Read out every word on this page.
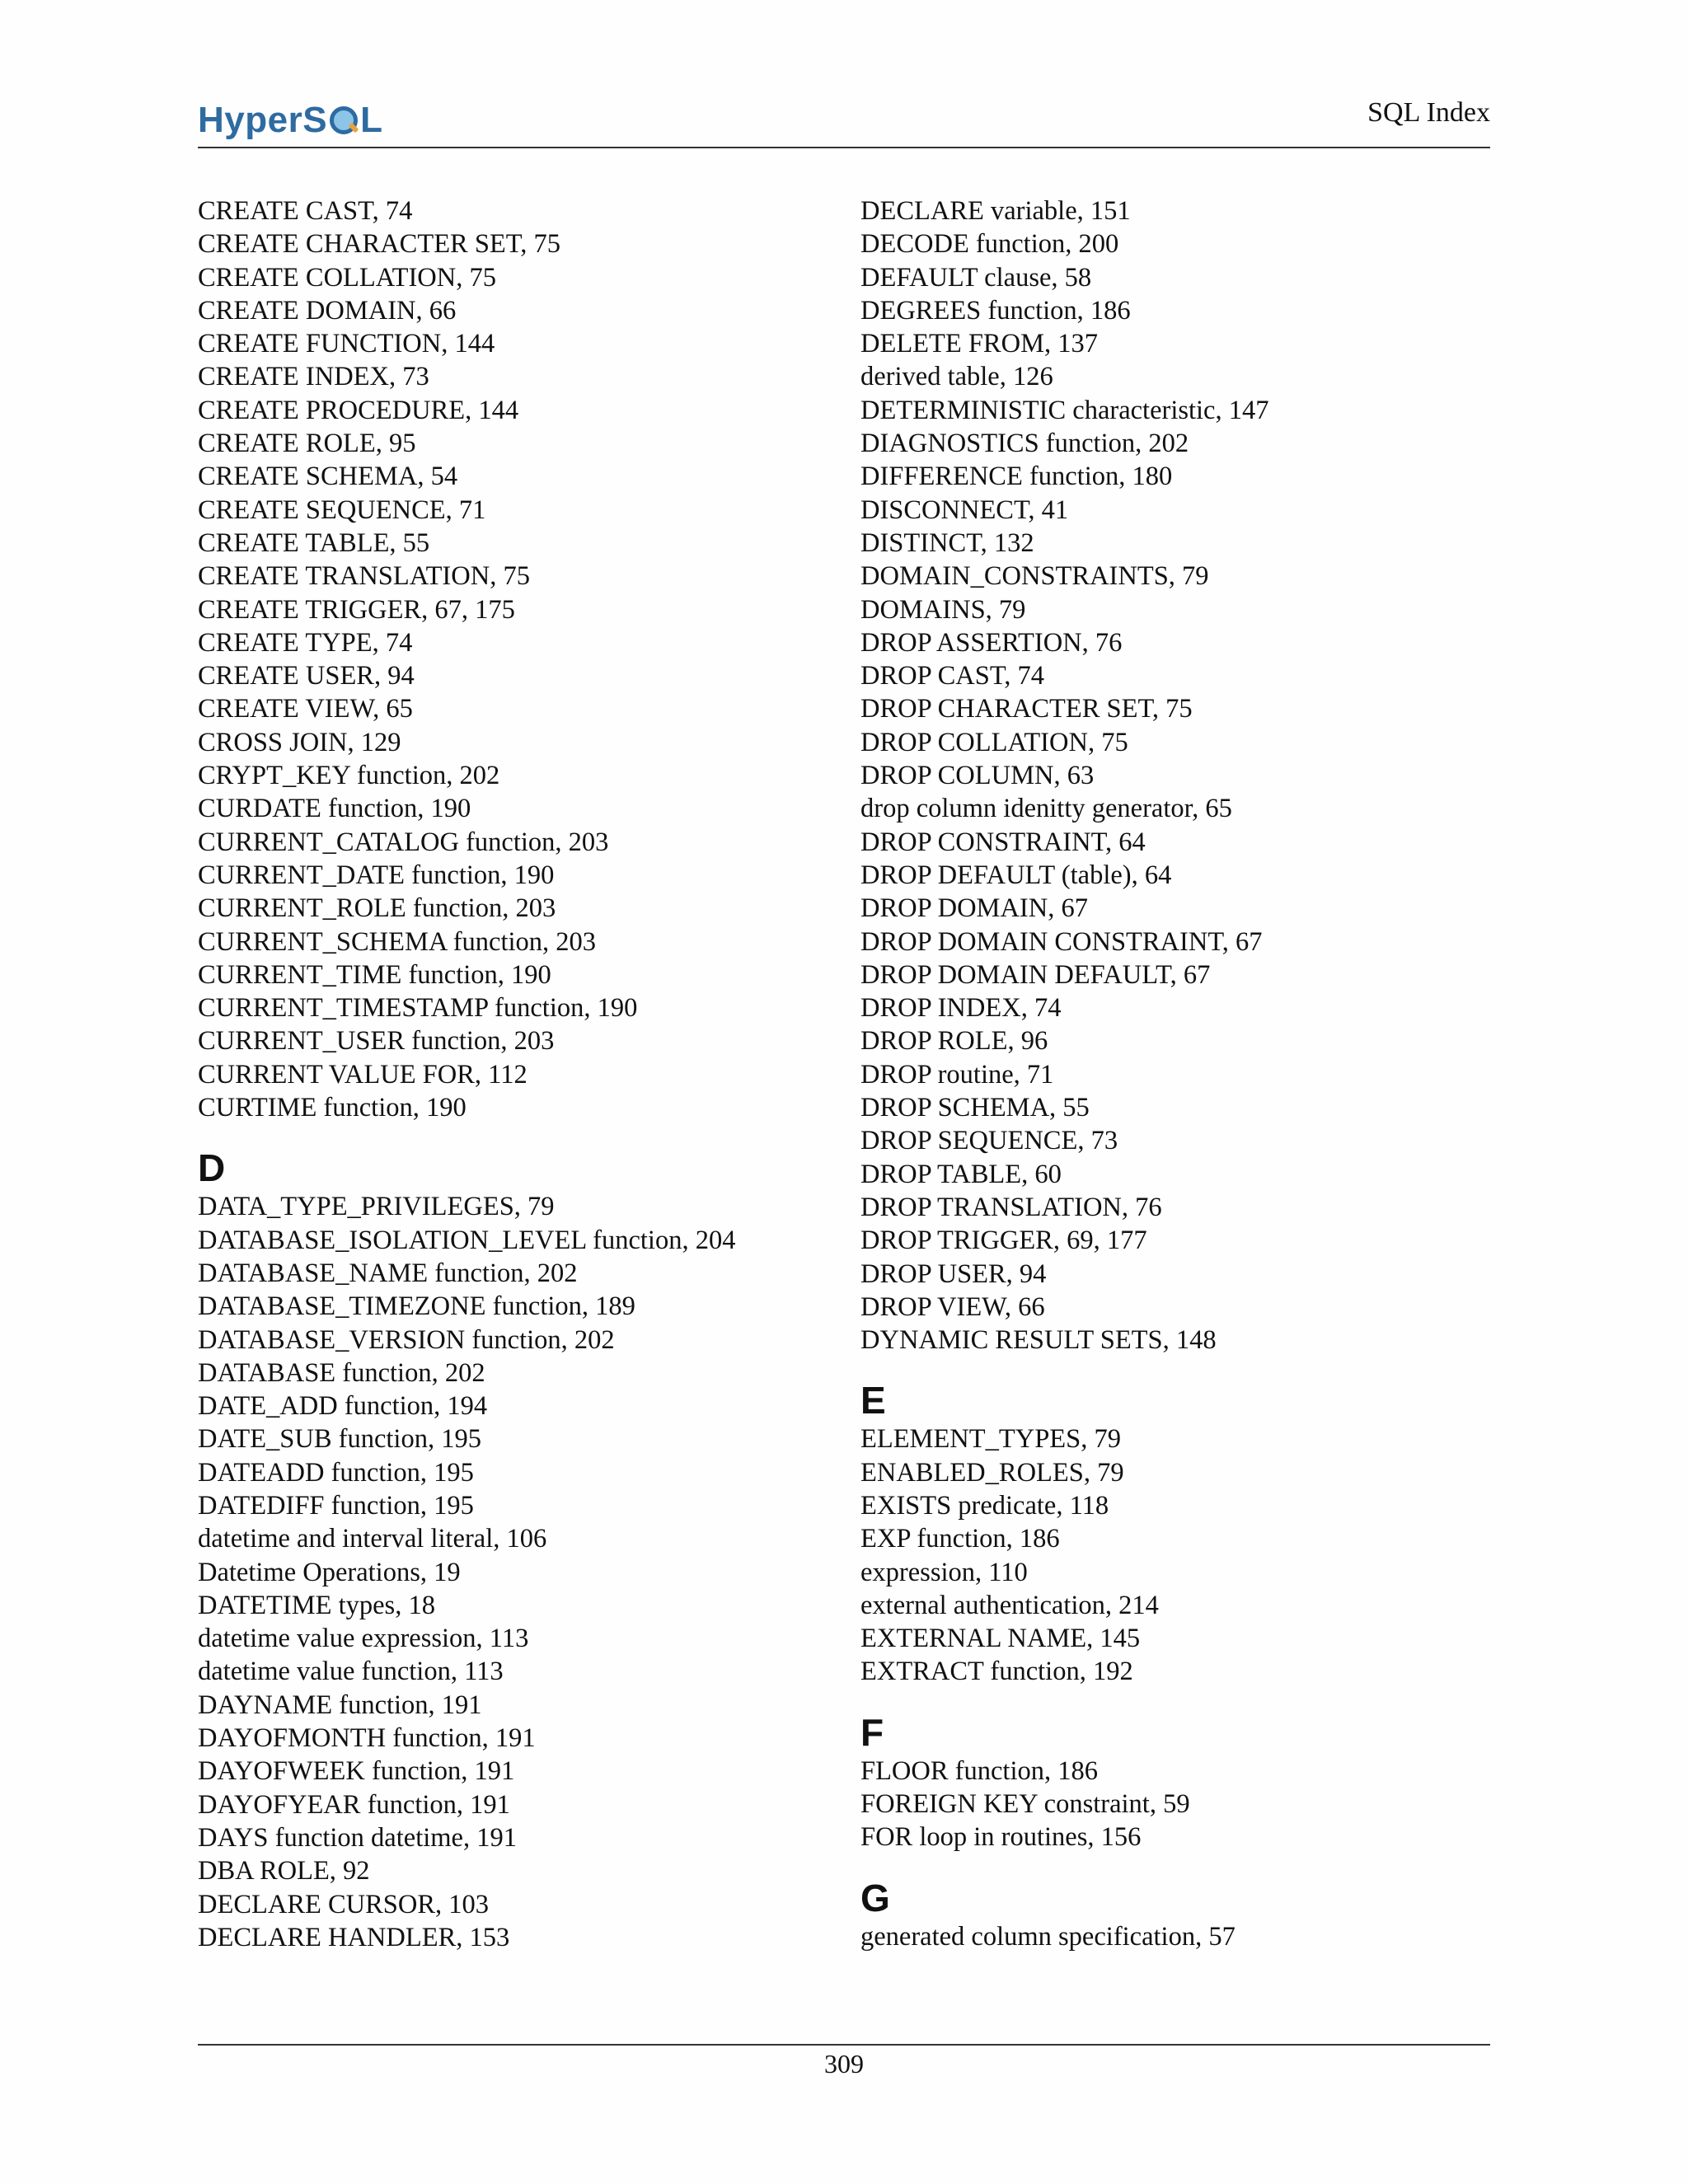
Hyper S L	SQL Index
CREATE CAST, 74
CREATE CHARACTER SET, 75
CREATE COLLATION, 75
CREATE DOMAIN, 66
CREATE FUNCTION, 144
CREATE INDEX, 73
CREATE PROCEDURE, 144
CREATE ROLE, 95
CREATE SCHEMA, 54
CREATE SEQUENCE, 71
CREATE TABLE, 55
CREATE TRANSLATION, 75
CREATE TRIGGER, 67, 175
CREATE TYPE, 74
CREATE USER, 94
CREATE VIEW, 65
CROSS JOIN, 129
CRYPT_KEY function, 202
CURDATE function, 190
CURRENT_CATALOG function, 203
CURRENT_DATE function, 190
CURRENT_ROLE function, 203
CURRENT_SCHEMA function, 203
CURRENT_TIME function, 190
CURRENT_TIMESTAMP function, 190
CURRENT_USER function, 203
CURRENT VALUE FOR, 112
CURTIME function, 190
D
DATA_TYPE_PRIVILEGES, 79
DATABASE_ISOLATION_LEVEL function, 204
DATABASE_NAME function, 202
DATABASE_TIMEZONE function, 189
DATABASE_VERSION function, 202
DATABASE function, 202
DATE_ADD function, 194
DATE_SUB function, 195
DATEADD function, 195
DATEDIFF function, 195
datetime and interval literal, 106
Datetime Operations, 19
DATETIME types, 18
datetime value expression, 113
datetime value function, 113
DAYNAME function, 191
DAYOFMONTH function, 191
DAYOFWEEK function, 191
DAYOFYEAR function, 191
DAYS function datetime, 191
DBA ROLE, 92
DECLARE CURSOR, 103
DECLARE HANDLER, 153
DECLARE variable, 151
DECODE function, 200
DEFAULT clause, 58
DEGREES function, 186
DELETE FROM, 137
derived table, 126
DETERMINISTIC characteristic, 147
DIAGNOSTICS function, 202
DIFFERENCE function, 180
DISCONNECT, 41
DISTINCT, 132
DOMAIN_CONSTRAINTS, 79
DOMAINS, 79
DROP ASSERTION, 76
DROP CAST, 74
DROP CHARACTER SET, 75
DROP COLLATION, 75
DROP COLUMN, 63
drop column idenitty generator, 65
DROP CONSTRAINT, 64
DROP DEFAULT (table), 64
DROP DOMAIN, 67
DROP DOMAIN CONSTRAINT, 67
DROP DOMAIN DEFAULT, 67
DROP INDEX, 74
DROP ROLE, 96
DROP routine, 71
DROP SCHEMA, 55
DROP SEQUENCE, 73
DROP TABLE, 60
DROP TRANSLATION, 76
DROP TRIGGER, 69, 177
DROP USER, 94
DROP VIEW, 66
DYNAMIC RESULT SETS, 148
E
ELEMENT_TYPES, 79
ENABLED_ROLES, 79
EXISTS predicate, 118
EXP function, 186
expression, 110
external authentication, 214
EXTERNAL NAME, 145
EXTRACT function, 192
F
FLOOR function, 186
FOREIGN KEY constraint, 59
FOR loop in routines, 156
G
generated column specification, 57
309
